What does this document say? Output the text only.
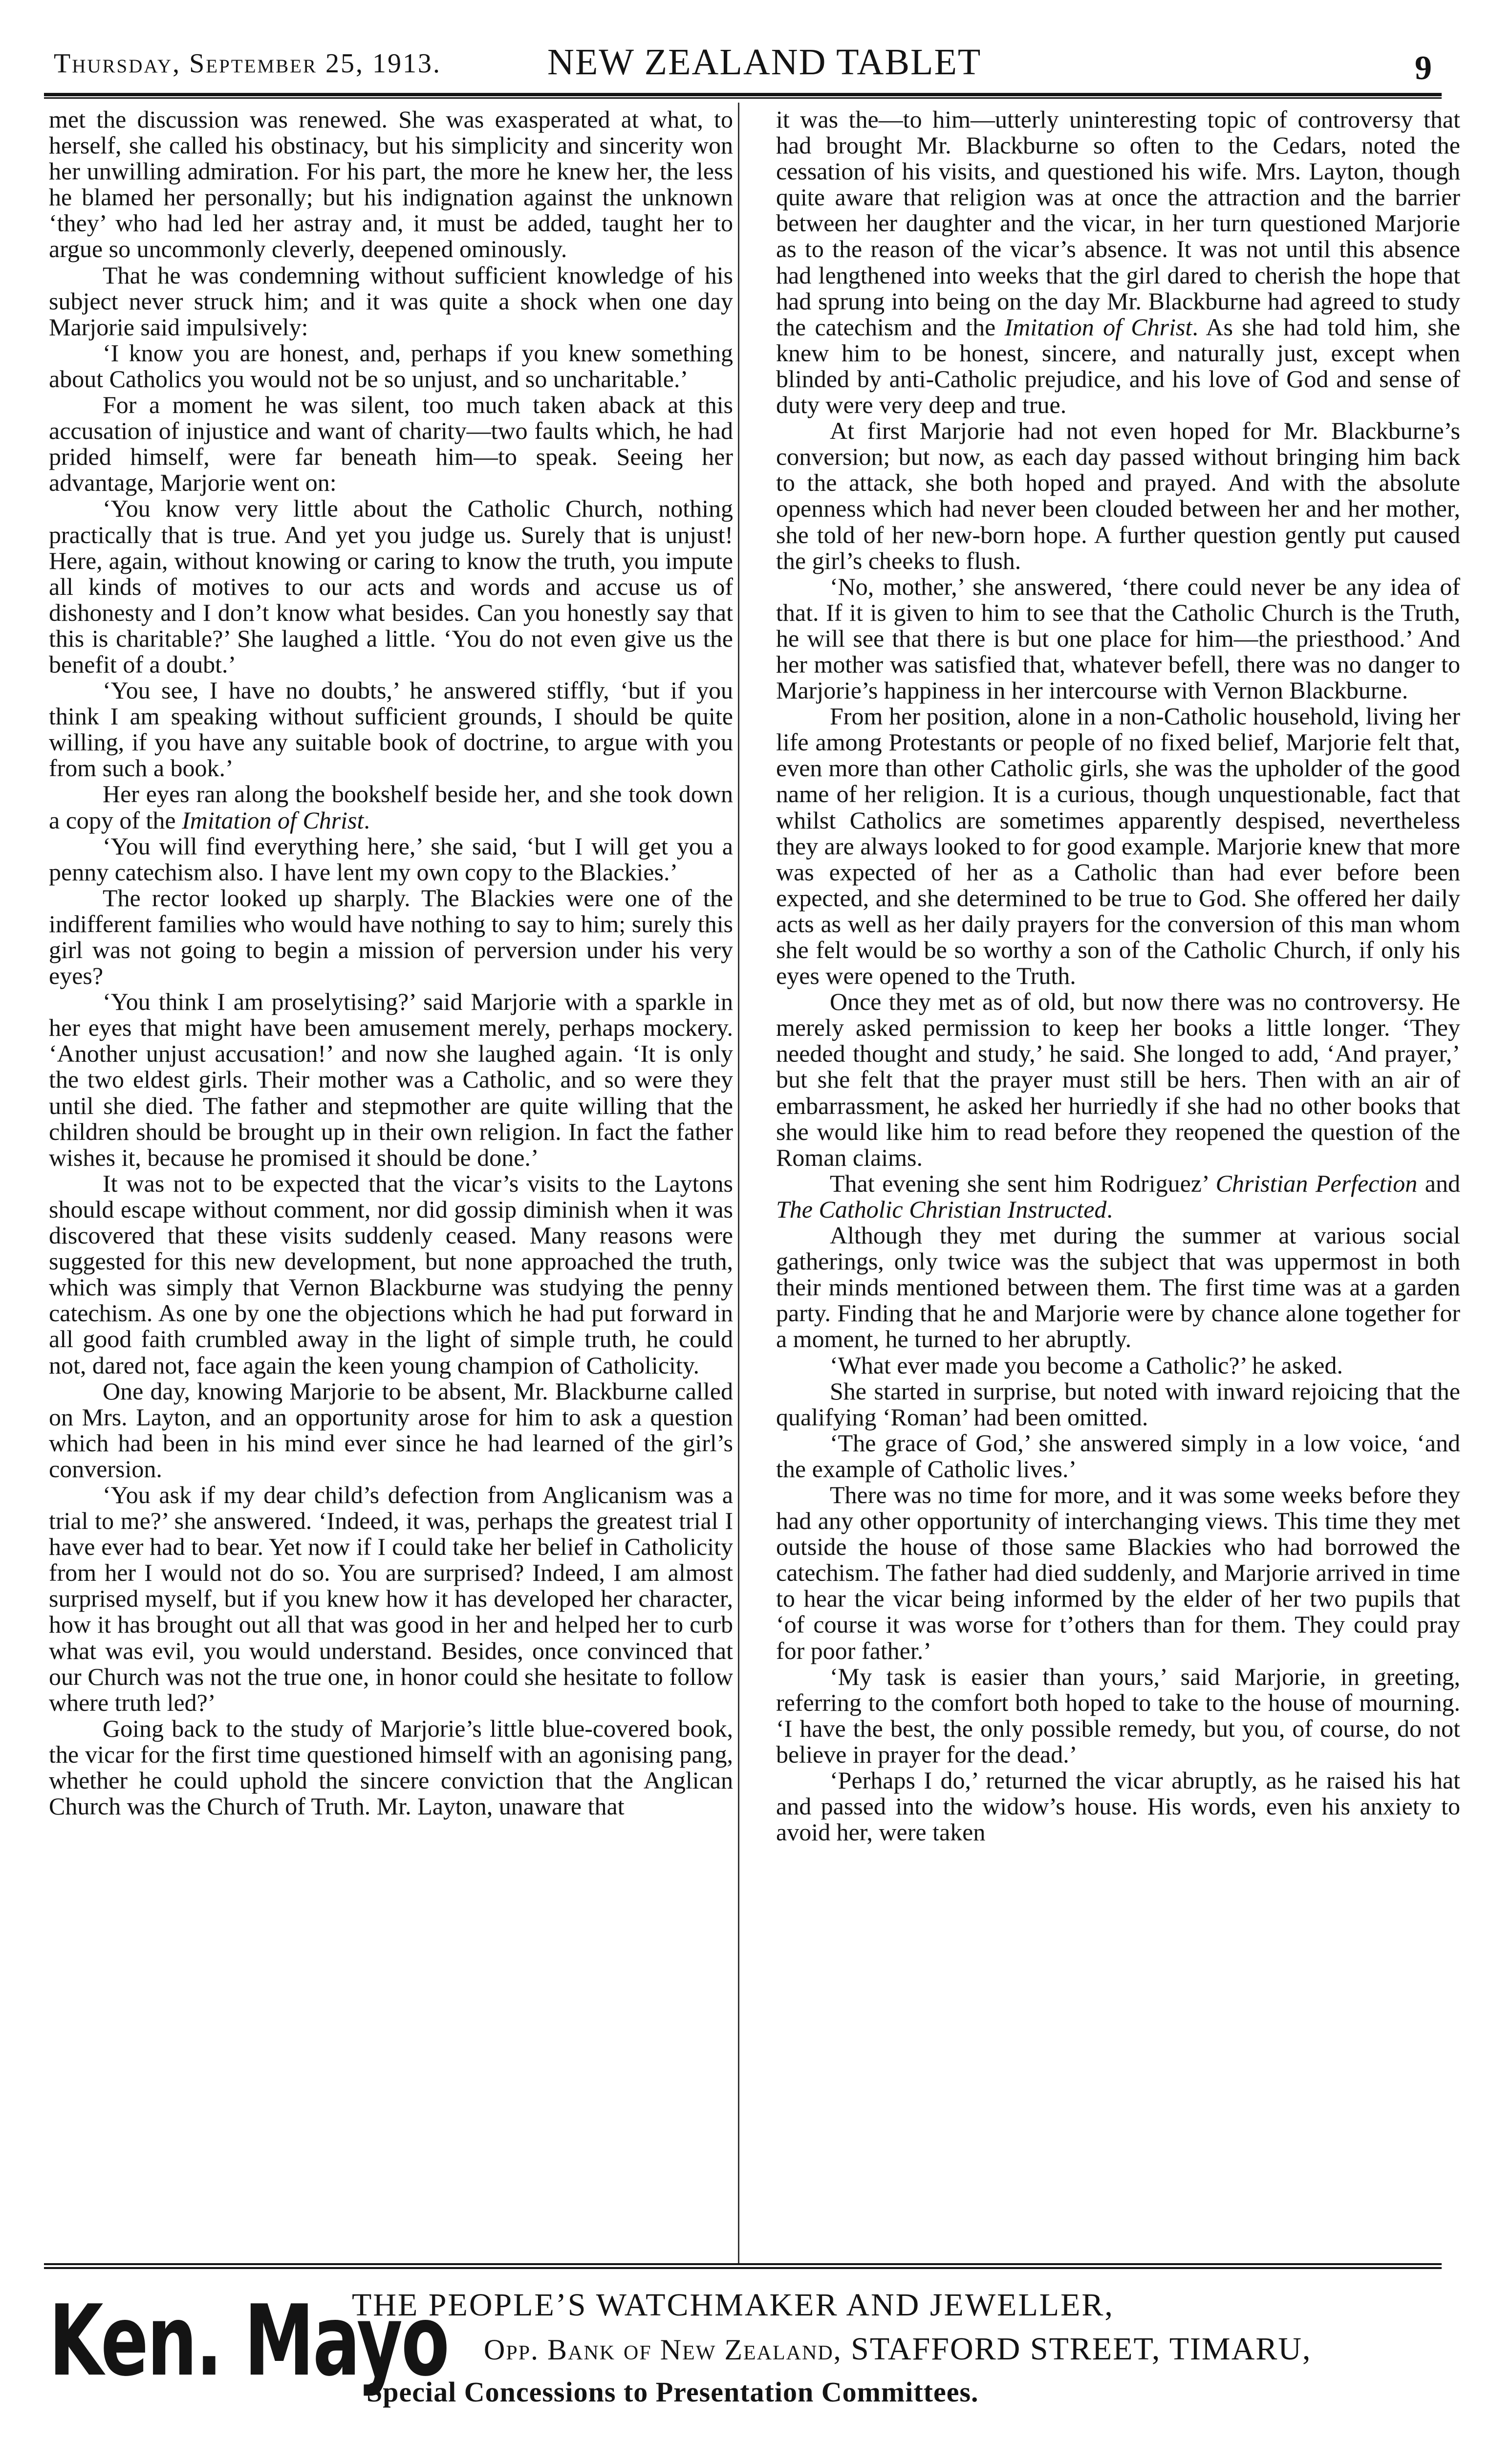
Thursday, September 25, 1913.	NEW ZEALAND TABLET	9

met the discussion was renewed. She was exasperated at what, to herself, she called his obstinacy, but his simplicity and sincerity won her unwilling admiration. For his part, the more he knew her, the less he blamed her personally; but his indignation against the unknown ‘they’ who had led her astray and, it must be added, taught her to argue so uncommonly cleverly, deepened ominously.

That he was condemning without sufficient knowledge of his subject never struck him; and it was quite a shock when one day Marjorie said impulsively:

‘I know you are honest, and, perhaps if you knew something about Catholics you would not be so unjust, and so uncharitable.’

For a moment he was silent, too much taken aback at this accusation of injustice and want of charity—two faults which, he had prided himself, were far beneath him—to speak. Seeing her advantage, Marjorie went on:

‘You know very little about the Catholic Church, nothing practically that is true. And yet you judge us. Surely that is unjust! Here, again, without knowing or caring to know the truth, you impute all kinds of motives to our acts and words and accuse us of dishonesty and I don’t know what besides. Can you honestly say that this is charitable?’ She laughed a little. ‘You do not even give us the benefit of a doubt.’

‘You see, I have no doubts,’ he answered stiffly, ‘but if you think I am speaking without sufficient grounds, I should be quite willing, if you have any suitable book of doctrine, to argue with you from such a book.’

Her eyes ran along the bookshelf beside her, and she took down a copy of the Imitation of Christ.

‘You will find everything here,’ she said, ‘but I will get you a penny catechism also. I have lent my own copy to the Blackies.’

The rector looked up sharply. The Blackies were one of the indifferent families who would have nothing to say to him; surely this girl was not going to begin a mission of perversion under his very eyes?

‘You think I am proselytising?’ said Marjorie with a sparkle in her eyes that might have been amusement merely, perhaps mockery. ‘Another unjust accusation!’ and now she laughed again. ‘It is only the two eldest girls. Their mother was a Catholic, and so were they until she died. The father and stepmother are quite willing that the children should be brought up in their own religion. In fact the father wishes it, because he promised it should be done.’

It was not to be expected that the vicar’s visits to the Laytons should escape without comment, nor did gossip diminish when it was discovered that these visits suddenly ceased. Many reasons were suggested for this new development, but none approached the truth, which was simply that Vernon Blackburne was studying the penny catechism. As one by one the objections which he had put forward in all good faith crumbled away in the light of simple truth, he could not, dared not, face again the keen young champion of Catholicity.

One day, knowing Marjorie to be absent, Mr. Blackburne called on Mrs. Layton, and an opportunity arose for him to ask a question which had been in his mind ever since he had learned of the girl’s conversion.

‘You ask if my dear child’s defection from Anglicanism was a trial to me?’ she answered. ‘Indeed, it was, perhaps the greatest trial I have ever had to bear. Yet now if I could take her belief in Catholicity from her I would not do so. You are surprised? Indeed, I am almost surprised myself, but if you knew how it has developed her character, how it has brought out all that was good in her and helped her to curb what was evil, you would understand. Besides, once convinced that our Church was not the true one, in honor could she hesitate to follow where truth led?’

Going back to the study of Marjorie’s little blue-covered book, the vicar for the first time questioned himself with an agonising pang, whether he could uphold the sincere conviction that the Anglican Church was the Church of Truth. Mr. Layton, unaware that

it was the—to him—utterly uninteresting topic of controversy that had brought Mr. Blackburne so often to the Cedars, noted the cessation of his visits, and questioned his wife. Mrs. Layton, though quite aware that religion was at once the attraction and the barrier between her daughter and the vicar, in her turn questioned Marjorie as to the reason of the vicar’s absence. It was not until this absence had lengthened into weeks that the girl dared to cherish the hope that had sprung into being on the day Mr. Blackburne had agreed to study the catechism and the Imitation of Christ. As she had told him, she knew him to be honest, sincere, and naturally just, except when blinded by anti-Catholic prejudice, and his love of God and sense of duty were very deep and true.

At first Marjorie had not even hoped for Mr. Blackburne’s conversion; but now, as each day passed without bringing him back to the attack, she both hoped and prayed. And with the absolute openness which had never been clouded between her and her mother, she told of her new-born hope. A further question gently put caused the girl’s cheeks to flush.

‘No, mother,’ she answered, ‘there could never be any idea of that. If it is given to him to see that the Catholic Church is the Truth, he will see that there is but one place for him—the priesthood.’ And her mother was satisfied that, whatever befell, there was no danger to Marjorie’s happiness in her intercourse with Vernon Blackburne.

From her position, alone in a non-Catholic household, living her life among Protestants or people of no fixed belief, Marjorie felt that, even more than other Catholic girls, she was the upholder of the good name of her religion. It is a curious, though unquestionable, fact that whilst Catholics are sometimes apparently despised, nevertheless they are always looked to for good example. Marjorie knew that more was expected of her as a Catholic than had ever before been expected, and she determined to be true to God. She offered her daily acts as well as her daily prayers for the conversion of this man whom she felt would be so worthy a son of the Catholic Church, if only his eyes were opened to the Truth.

Once they met as of old, but now there was no controversy. He merely asked permission to keep her books a little longer. ‘They needed thought and study,’ he said. She longed to add, ‘And prayer,’ but she felt that the prayer must still be hers. Then with an air of embarrassment, he asked her hurriedly if she had no other books that she would like him to read before they reopened the question of the Roman claims.

That evening she sent him Rodriguez’ Christian Perfection and The Catholic Christian Instructed.

Although they met during the summer at various social gatherings, only twice was the subject that was uppermost in both their minds mentioned between them. The first time was at a garden party. Finding that he and Marjorie were by chance alone together for a moment, he turned to her abruptly.

‘What ever made you become a Catholic?’ he asked.

She started in surprise, but noted with inward rejoicing that the qualifying ‘Roman’ had been omitted.

‘The grace of God,’ she answered simply in a low voice, ‘and the example of Catholic lives.’

There was no time for more, and it was some weeks before they had any other opportunity of interchanging views. This time they met outside the house of those same Blackies who had borrowed the catechism. The father had died suddenly, and Marjorie arrived in time to hear the vicar being informed by the elder of her two pupils that ‘of course it was worse for t’others than for them. They could pray for poor father.’

‘My task is easier than yours,’ said Marjorie, in greeting, referring to the comfort both hoped to take to the house of mourning. ‘I have the best, the only possible remedy, but you, of course, do not believe in prayer for the dead.’

‘Perhaps I do,’ returned the vicar abruptly, as he raised his hat and passed into the widow’s house. His words, even his anxiety to avoid her, were taken

Ken. Mayo
THE PEOPLE’S WATCHMAKER AND JEWELLER,
Opp. Bank of New Zealand, STAFFORD STREET, TIMARU,
Special Concessions to Presentation Committees.
